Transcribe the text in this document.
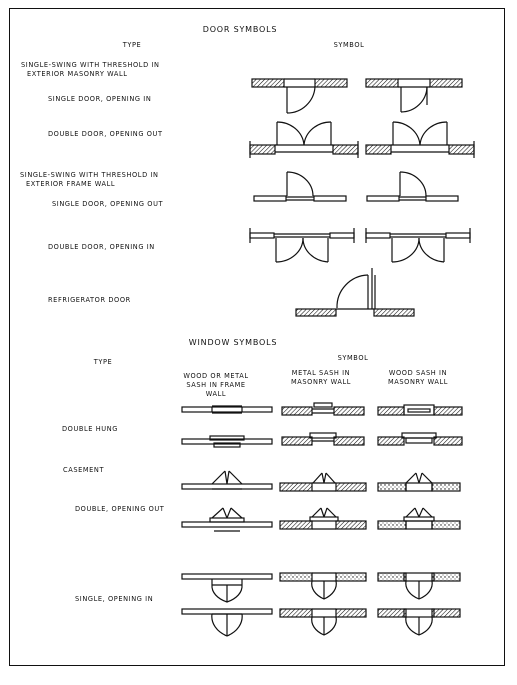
DOOR SYMBOLS
TYPE	SYMBOL
SINGLE-SWING WITH THRESHOLD IN
EXTERIOR MASONRY WALL
SINGLE DOOR, OPENING IN
DOUBLE DOOR, OPENING OUT
SINGLE-SWING WITH THRESHOLD IN
EXTERIOR FRAME WALL
SINGLE DOOR, OPENING OUT
DOUBLE DOOR, OPENING IN
REFRIGERATOR DOOR
WINDOW SYMBOLS
TYPE	SYMBOL
WOOD OR METAL
SASH IN FRAME
WALL
METAL SASH IN
MASONRY WALL
WOOD SASH IN
MASONRY WALL
DOUBLE HUNG
CASEMENT
DOUBLE, OPENING OUT
SINGLE, OPENING IN
